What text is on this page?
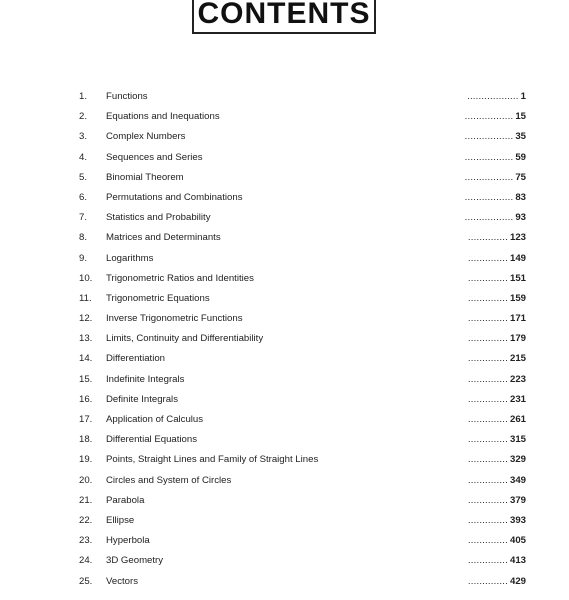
CONTENTS
1. Functions	.................. 1
2. Equations and Inequations	................. 15
3. Complex Numbers	................. 35
4. Sequences and Series	................. 59
5. Binomial Theorem	................. 75
6. Permutations and Combinations	................. 83
7. Statistics and Probability	................. 93
8. Matrices and Determinants	.............. 123
9. Logarithms	.............. 149
10. Trigonometric Ratios and Identities	.............. 151
11. Trigonometric Equations	.............. 159
12. Inverse Trigonometric Functions	.............. 171
13. Limits, Continuity and Differentiability	.............. 179
14. Differentiation	.............. 215
15. Indefinite Integrals	.............. 223
16. Definite Integrals	.............. 231
17. Application of Calculus	.............. 261
18. Differential Equations	.............. 315
19. Points, Straight Lines and Family of Straight Lines	.............. 329
20. Circles and System of Circles	.............. 349
21. Parabola	.............. 379
22. Ellipse	.............. 393
23. Hyperbola	.............. 405
24. 3D Geometry	.............. 413
25. Vectors	.............. 429
